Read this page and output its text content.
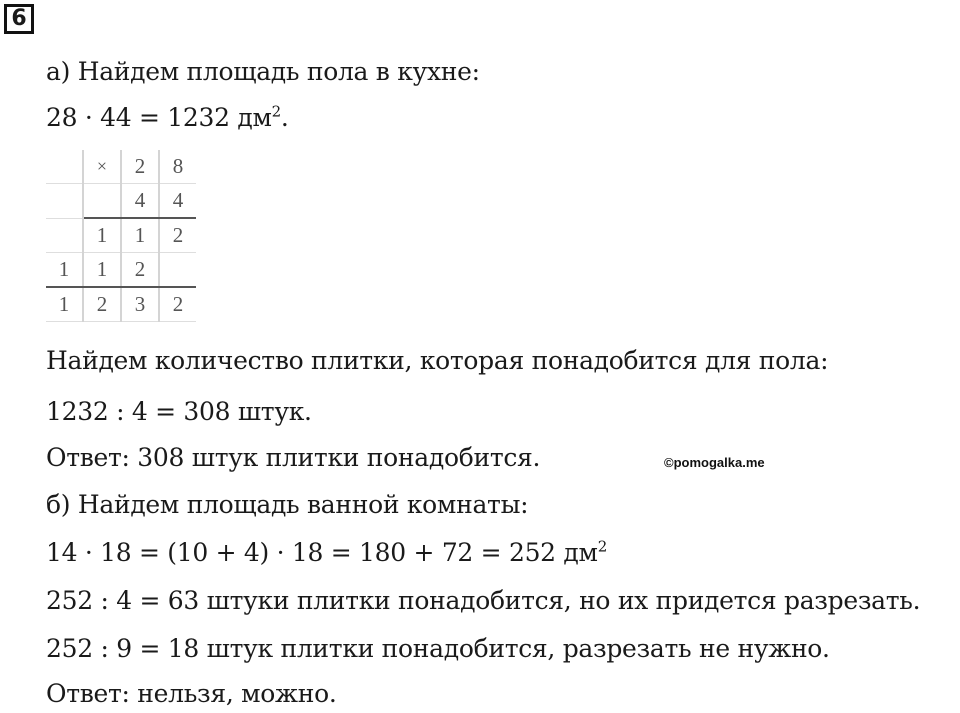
6
а) Найдем площадь пола в кухне:
28 · 44 = 1232 $дм^2$.
	×	2	8
		4	4
	1	1	2
1	1	2	
1	2	3	2
Найдем количество плитки, которая понадобится для пола:
1232 : 4 = 308 штук.
Ответ: 308 штук плитки понадобится.	©pomogalka.me
б) Найдем площадь ванной комнаты:
14 · 18 = (10 + 4) · 18 = 180 + 72 = 252 $дм^2$
252 : 4 = 63 штуки плитки понадобится, но их придется разрезать.
252 : 9 = 18 штук плитки понадобится, разрезать не нужно.
Ответ: нельзя, можно.
